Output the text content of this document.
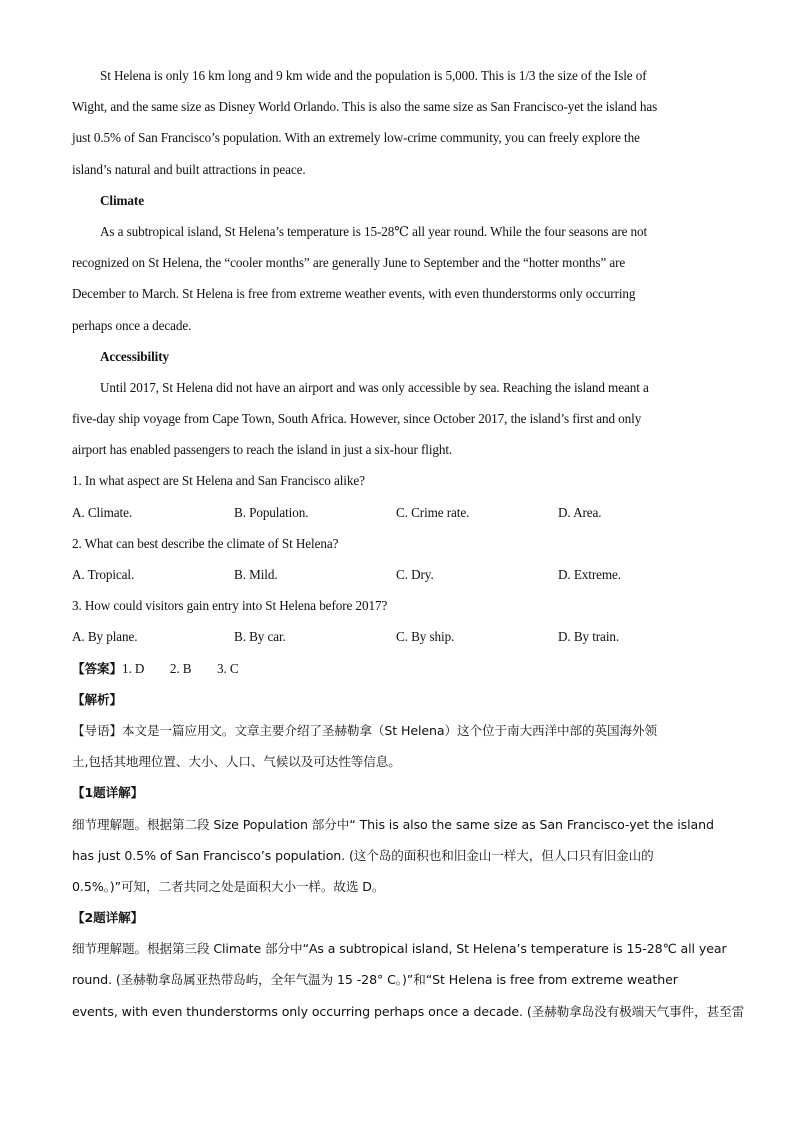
St Helena is only 16 km long and 9 km wide and the population is 5,000. This is 1/3 the size of the Isle of
Wight, and the same size as Disney World Orlando. This is also the same size as San Francisco-yet the island has
just 0.5% of San Francisco’s population. With an extremely low-crime community, you can freely explore the
island’s natural and built attractions in peace.
Climate
As a subtropical island, St Helena’s temperature is 15-28℃ all year round. While the four seasons are not
recognized on St Helena, the “cooler months” are generally June to September and the “hotter months” are
December to March. St Helena is free from extreme weather events, with even thunderstorms only occurring
perhaps once a decade.
Accessibility
Until 2017, St Helena did not have an airport and was only accessible by sea. Reaching the island meant a
five-day ship voyage from Cape Town, South Africa. However, since October 2017, the island’s first and only
airport has enabled passengers to reach the island in just a six-hour flight.
1. In what aspect are St Helena and San Francisco alike?
A. Climate.	B. Population.	C. Crime rate.	D. Area.
2. What can best describe the climate of St Helena?
A. Tropical.	B. Mild.	C. Dry.	D. Extreme.
3. How could visitors gain entry into St Helena before 2017?
A. By plane.	B. By car.	C. By ship.	D. By train.
【答案】1. D        2. B        3. C
【解析】
【导语】本文是一篇应用文。文章主要介绍了圣赫勒拿（St Helena）这个位于南大西洋中部的英国海外领
土,包括其地理位置、大小、人口、气候以及可达性等信息。
【1题详解】
细节理解题。根据第二段 Size Population 部分中“ This is also the same size as San Francisco-yet the island
has just 0.5% of San Francisco’s population. (这个岛的面积也和旧金山一样大，但人口只有旧金山的
0.5%。)”可知，二者共同之处是面积大小一样。故选 D。
【2题详解】
细节理解题。根据第三段 Climate 部分中“As a subtropical island, St Helena’s temperature is 15-28℃ all year
round. (圣赫勒拿岛属亚热带岛屿，全年气温为 15 -28° C。)”和“St Helena is free from extreme weather
events, with even thunderstorms only occurring perhaps once a decade. (圣赫勒拿岛没有极端天气事件，甚至雷
